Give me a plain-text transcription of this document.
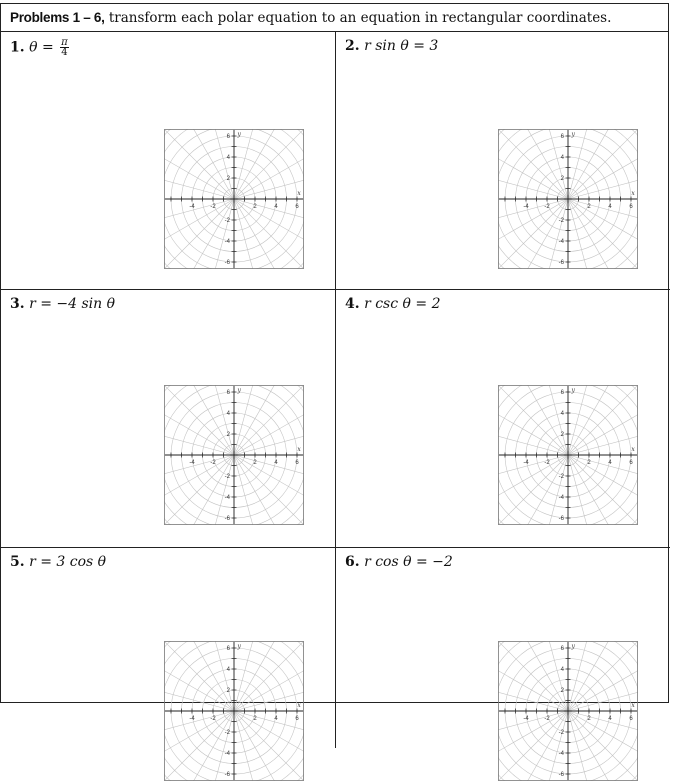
Problems 1 – 6, transform each polar equation to an equation in rectangular coordinates.
1. $\theta = \frac{\pi}{4}$
-4	-2	2	4	6
6
4
2
-2
-4
-6
x
y
2. r sin θ = 3
-4	-2	2	4	6
6
4
2
-2
-4
-6
x
y
3. r = −4 sin θ
-4	-2	2	4	6
6
4
2
-2
-4
-6
x
y
4. r csc θ = 2
-4	-2	2	4	6
6
4
2
-2
-4
-6
x
y
5. r = 3 cos θ
-4	-2	2	4	6
6
4
2
-2
-4
-6
x
y
6. r cos θ = −2
-4	-2	2	4	6
6
4
2
-2
-4
-6
x
y
